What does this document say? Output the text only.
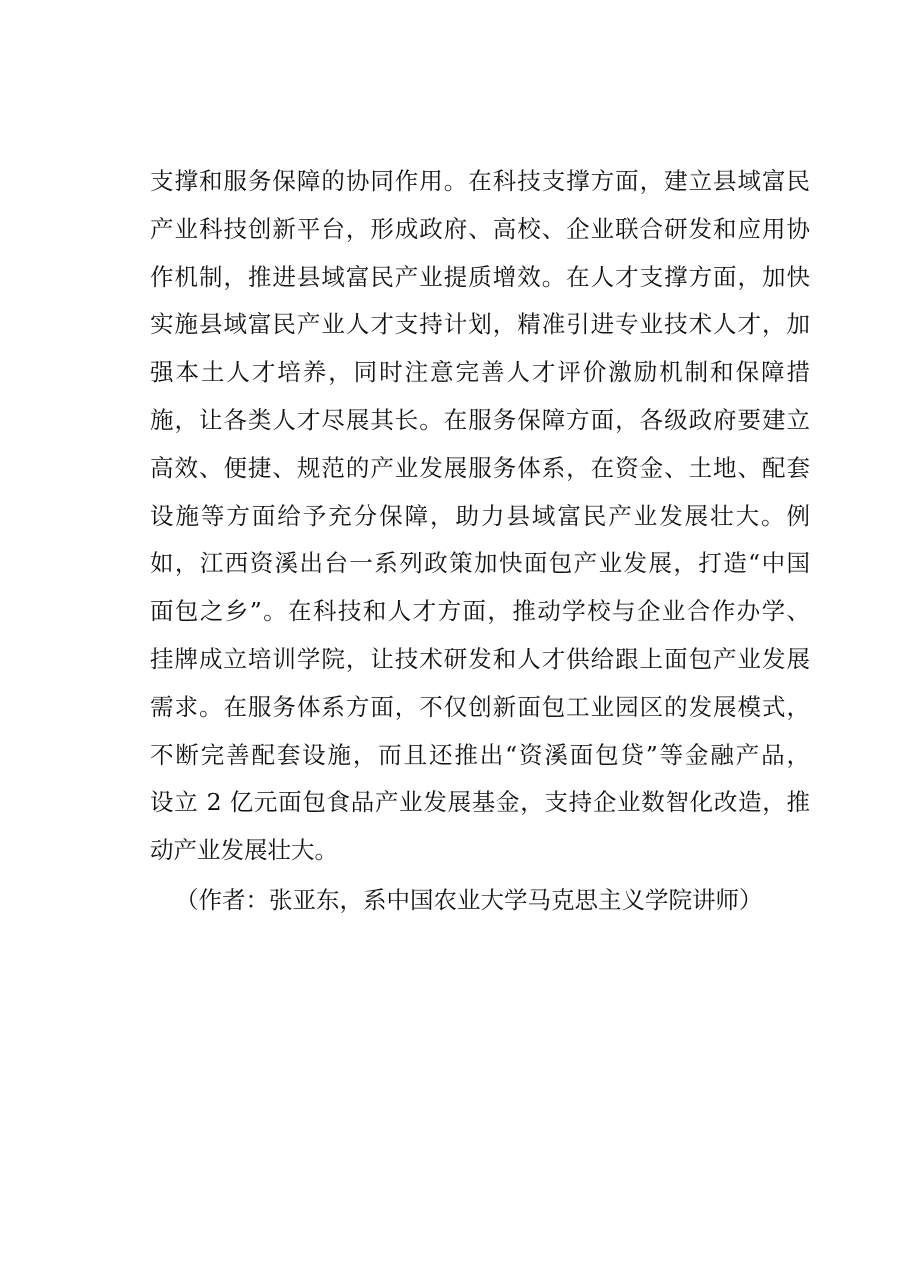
支撑和服务保障的协同作用。在科技支撑方面，建立县域富民
产业科技创新平台，形成政府、高校、企业联合研发和应用协
作机制，推进县域富民产业提质增效。在人才支撑方面，加快
实施县域富民产业人才支持计划，精准引进专业技术人才，加
强本土人才培养，同时注意完善人才评价激励机制和保障措
施，让各类人才尽展其长。在服务保障方面，各级政府要建立
高效、便捷、规范的产业发展服务体系，在资金、土地、配套
设施等方面给予充分保障，助力县域富民产业发展壮大。例
如，江西资溪出台一系列政策加快面包产业发展，打造“中国
面包之乡”。在科技和人才方面，推动学校与企业合作办学、
挂牌成立培训学院，让技术研发和人才供给跟上面包产业发展
需求。在服务体系方面，不仅创新面包工业园区的发展模式，
不断完善配套设施，而且还推出“资溪面包贷”等金融产品，
设立 2 亿元面包食品产业发展基金，支持企业数智化改造，推
动产业发展壮大。
（作者：张亚东，系中国农业大学马克思主义学院讲师）
